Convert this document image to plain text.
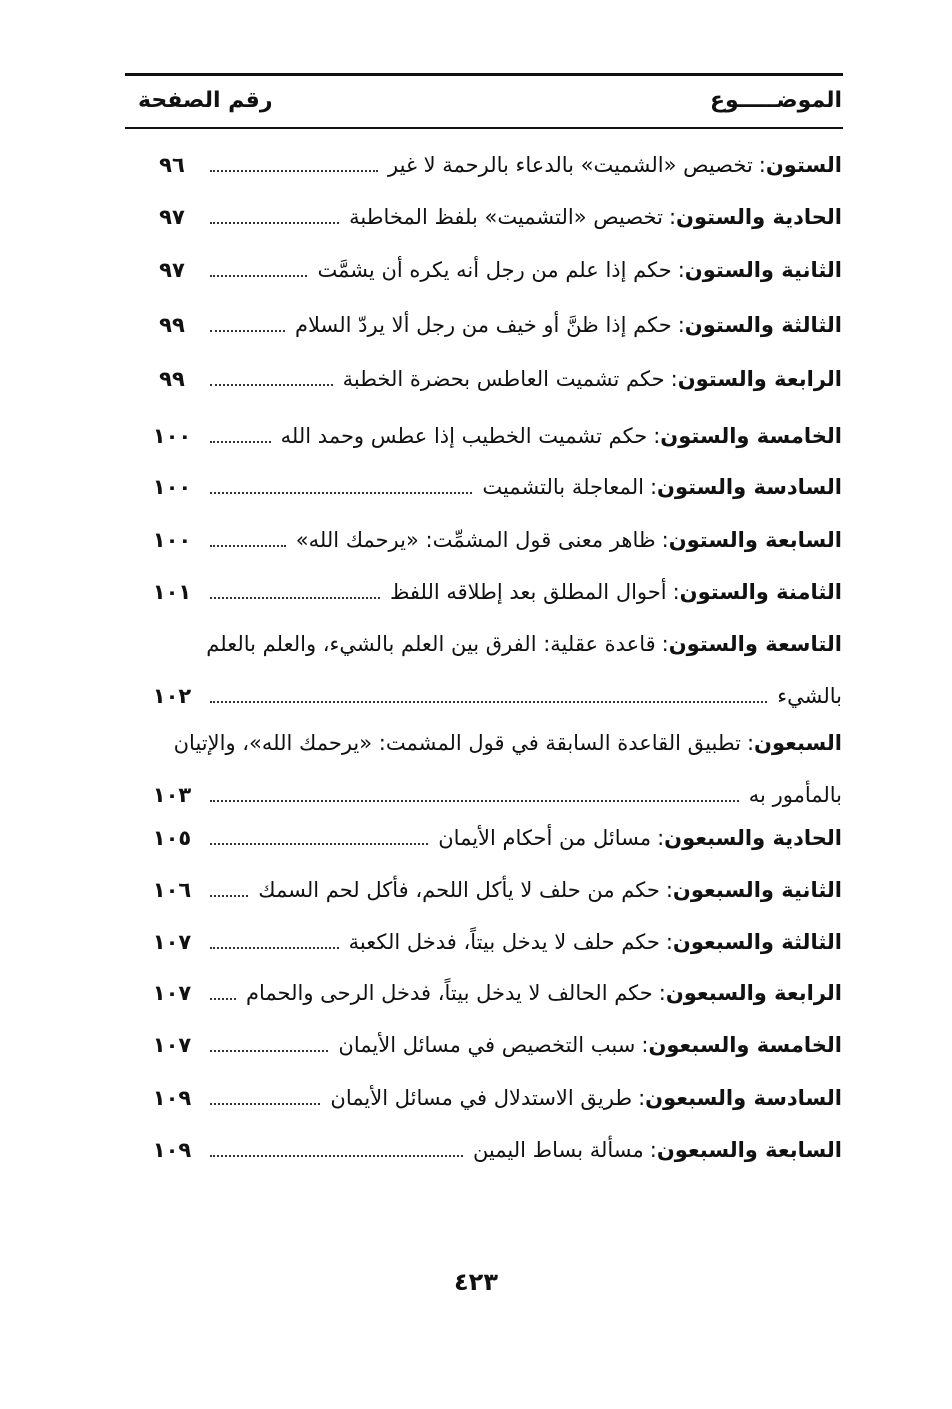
الموضـــــوع
رقم الصفحة
الستون
:
تخصيص «الشميت» بالدعاء بالرحمة لا غير
٩٦
الحادية والستون
:
تخصيص «التشميت» بلفظ المخاطبة
٩٧
الثانية والستون
:
حكم إذا علم من رجل أنه يكره أن يشمَّت
٩٧
الثالثة والستون
:
حكم إذا ظنَّ أو خيف من رجل ألا يردّ السلام
٩٩
الرابعة والستون
:
حكم تشميت العاطس بحضرة الخطبة
٩٩
الخامسة والستون
:
حكم تشميت الخطيب إذا عطس وحمد الله
١٠٠
السادسة والستون
:
المعاجلة بالتشميت
١٠٠
السابعة والستون
:
ظاهر معنى قول المشمِّت: «يرحمك الله»
١٠٠
الثامنة والستون
:
أحوال المطلق بعد إطلاقه اللفظ
١٠١
التاسعة والستون
:
قاعدة عقلية: الفرق بين العلم بالشيء، والعلم بالعلم
بالشيء
١٠٢
السبعون
:
تطبيق القاعدة السابقة في قول المشمت: «يرحمك الله»، والإتيان
بالمأمور به
١٠٣
الحادية والسبعون
:
مسائل من أحكام الأيمان
١٠٥
الثانية والسبعون
:
حكم من حلف لا يأكل اللحم، فأكل لحم السمك
١٠٦
الثالثة والسبعون
:
حكم حلف لا يدخل بيتاً، فدخل الكعبة
١٠٧
الرابعة والسبعون
:
حكم الحالف لا يدخل بيتاً، فدخل الرحى والحمام
١٠٧
الخامسة والسبعون
:
سبب التخصيص في مسائل الأيمان
١٠٧
السادسة والسبعون
:
طريق الاستدلال في مسائل الأيمان
١٠٩
السابعة والسبعون
:
مسألة بساط اليمين
١٠٩
٤٢٣
